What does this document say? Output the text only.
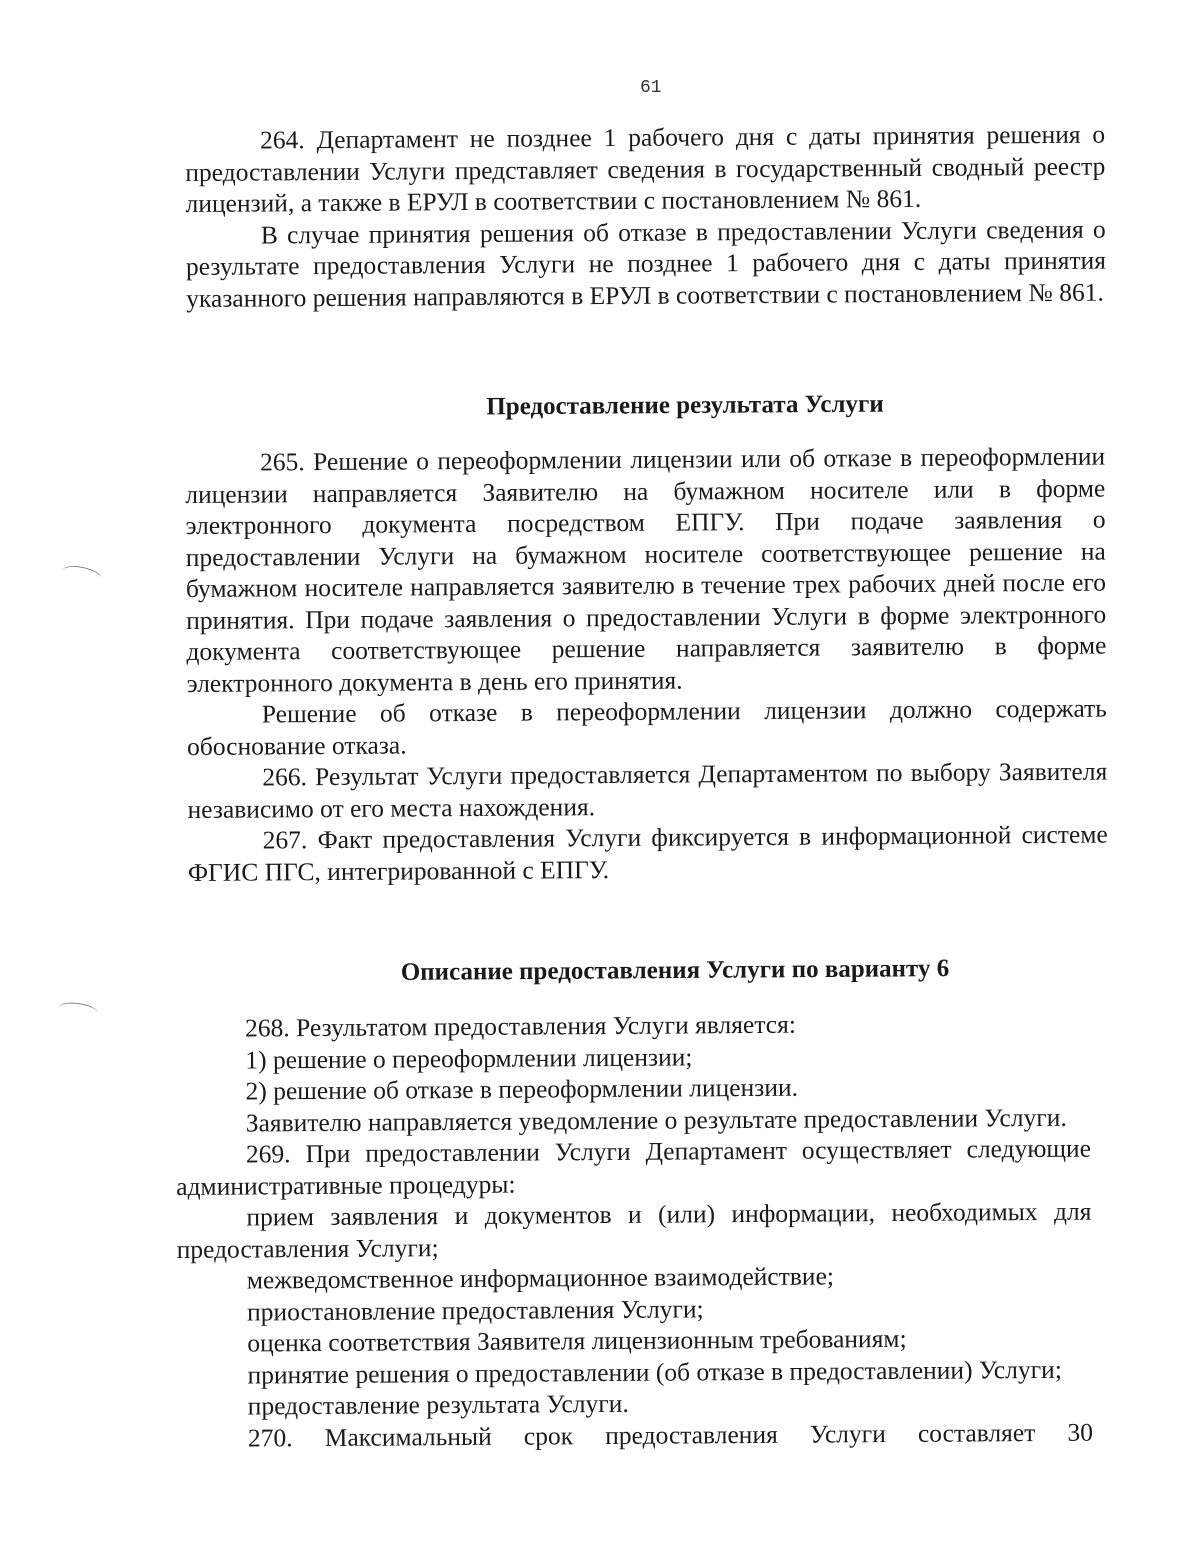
61

264. Департамент не позднее 1 рабочего дня с даты принятия решения о предоставлении Услуги представляет сведения в государственный сводный реестр лицензий, а также в ЕРУЛ в соответствии с постановлением № 861.

В случае принятия решения об отказе в предоставлении Услуги сведения о результате предоставления Услуги не позднее 1 рабочего дня с даты принятия указанного решения направляются в ЕРУЛ в соответствии с постановлением № 861.

Предоставление результата Услуги

265. Решение о переоформлении лицензии или об отказе в переоформлении лицензии направляется Заявителю на бумажном носителе или в форме электронного документа посредством ЕПГУ. При подаче заявления о предоставлении Услуги на бумажном носителе соответствующее решение на бумажном носителе направляется заявителю в течение трех рабочих дней после его принятия. При подаче заявления о предоставлении Услуги в форме электронного документа соответствующее решение направляется заявителю в форме электронного документа в день его принятия.

Решение об отказе в переоформлении лицензии должно содержать обоснование отказа.

266. Результат Услуги предоставляется Департаментом по выбору Заявителя независимо от его места нахождения.

267. Факт предоставления Услуги фиксируется в информационной системе ФГИС ПГС, интегрированной с ЕПГУ.

Описание предоставления Услуги по варианту 6

268. Результатом предоставления Услуги является:

1) решение о переоформлении лицензии;

2) решение об отказе в переоформлении лицензии.

Заявителю направляется уведомление о результате предоставлении Услуги.

269. При предоставлении Услуги Департамент осуществляет следующие административные процедуры:

прием заявления и документов и (или) информации, необходимых для предоставления Услуги;

межведомственное информационное взаимодействие;

приостановление предоставления Услуги;

оценка соответствия Заявителя лицензионным требованиям;

принятие решения о предоставлении (об отказе в предоставлении) Услуги;

предоставление результата Услуги.

270. Максимальный срок предоставления Услуги составляет 30
